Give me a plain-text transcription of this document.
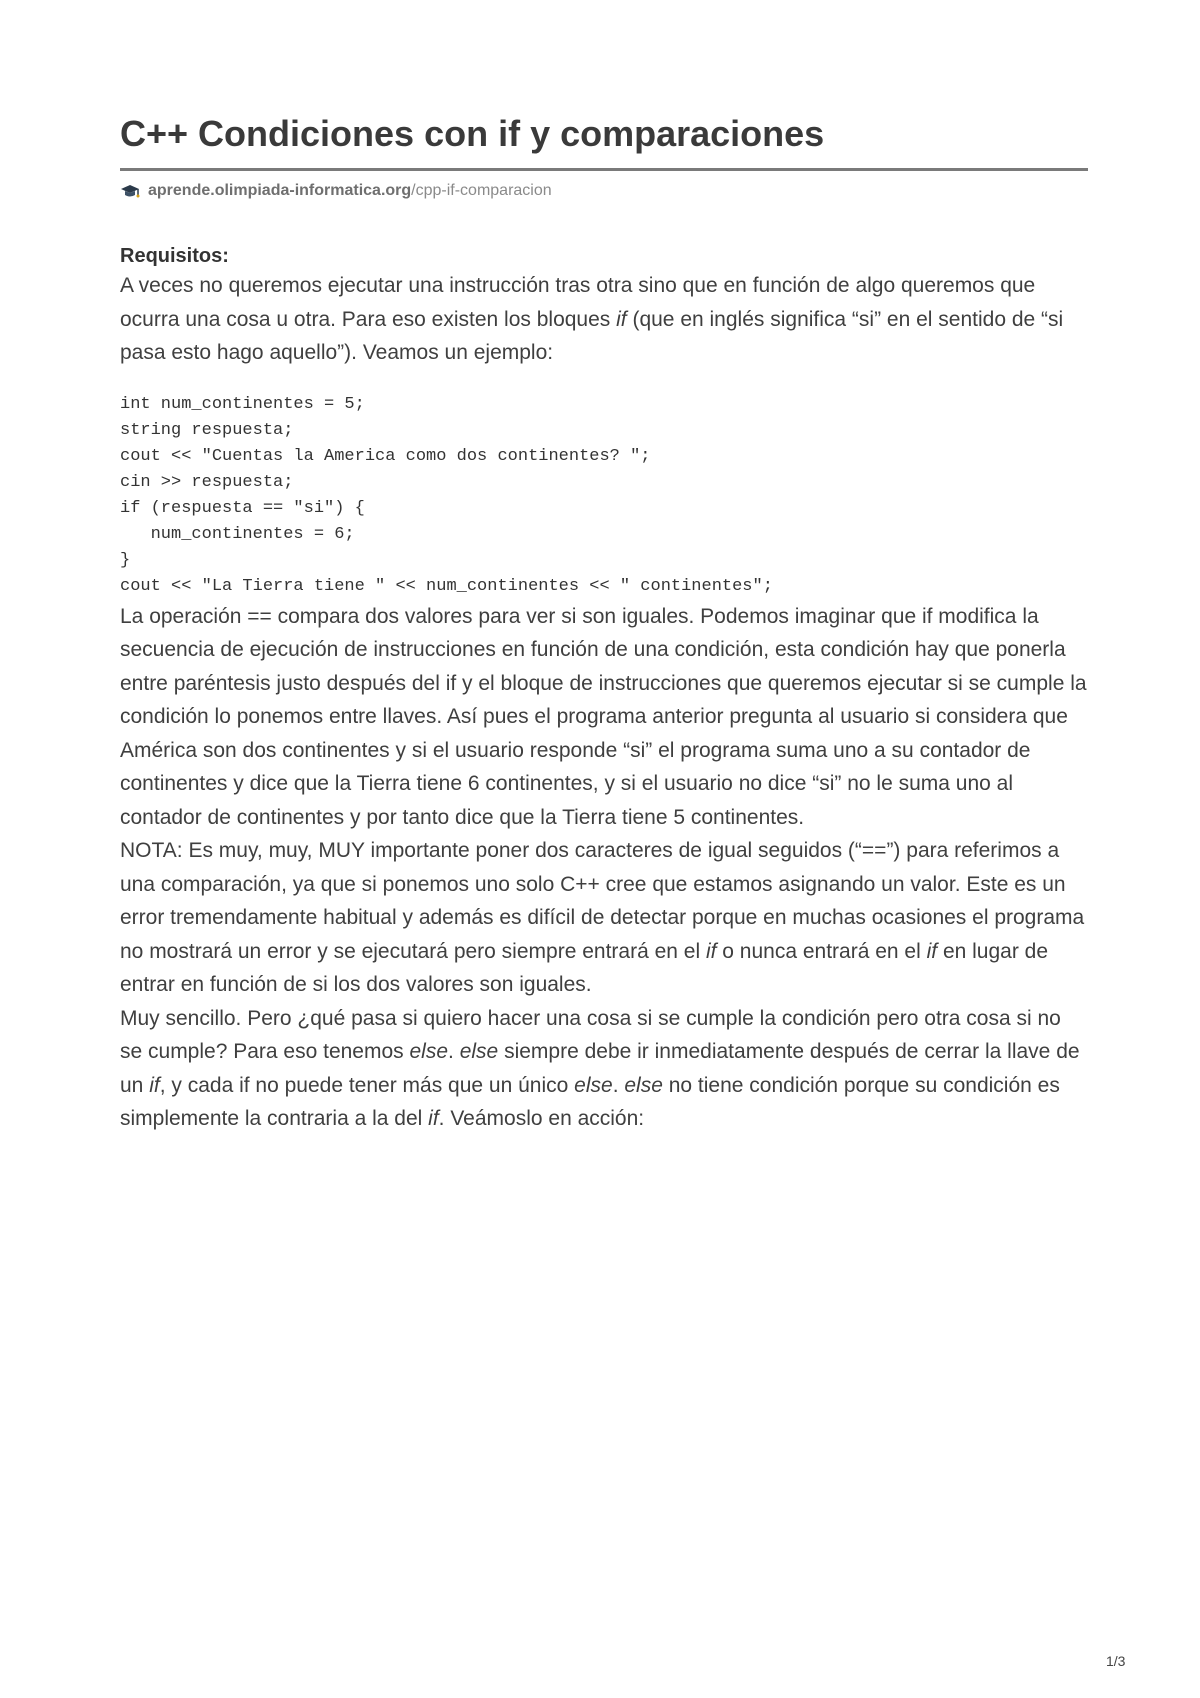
C++ Condiciones con if y comparaciones
aprende.olimpiada-informatica.org /cpp-if-comparacion
Requisitos:

A veces no queremos ejecutar una instrucción tras otra sino que en función de algo queremos que ocurra una cosa u otra. Para eso existen los bloques if (que en inglés significa “si” en el sentido de “si pasa esto hago aquello”). Veamos un ejemplo:

int num_continentes = 5;
string respuesta;
cout << "Cuentas la America como dos continentes? ";
cin >> respuesta;
if (respuesta == "si") {
num_continentes = 6;
}
cout << "La Tierra tiene " << num_continentes << " continentes";

La operación == compara dos valores para ver si son iguales. Podemos imaginar que if modifica la secuencia de ejecución de instrucciones en función de una condición, esta condición hay que ponerla entre paréntesis justo después del if y el bloque de instrucciones que queremos ejecutar si se cumple la condición lo ponemos entre llaves. Así pues el programa anterior pregunta al usuario si considera que América son dos continentes y si el usuario responde “si” el programa suma uno a su contador de continentes y dice que la Tierra tiene 6 continentes, y si el usuario no dice “si” no le suma uno al contador de continentes y por tanto dice que la Tierra tiene 5 continentes.

NOTA: Es muy, muy, MUY importante poner dos caracteres de igual seguidos (“==”) para referimos a una comparación, ya que si ponemos uno solo C++ cree que estamos asignando un valor. Este es un error tremendamente habitual y además es difícil de detectar porque en muchas ocasiones el programa no mostrará un error y se ejecutará pero siempre entrará en el if o nunca entrará en el if en lugar de entrar en función de si los dos valores son iguales.

Muy sencillo. Pero ¿qué pasa si quiero hacer una cosa si se cumple la condición pero otra cosa si no se cumple? Para eso tenemos else. else siempre debe ir inmediatamente después de cerrar la llave de un if, y cada if no puede tener más que un único else. else no tiene condición porque su condición es simplemente la contraria a la del if. Veámoslo en acción:

1/3
